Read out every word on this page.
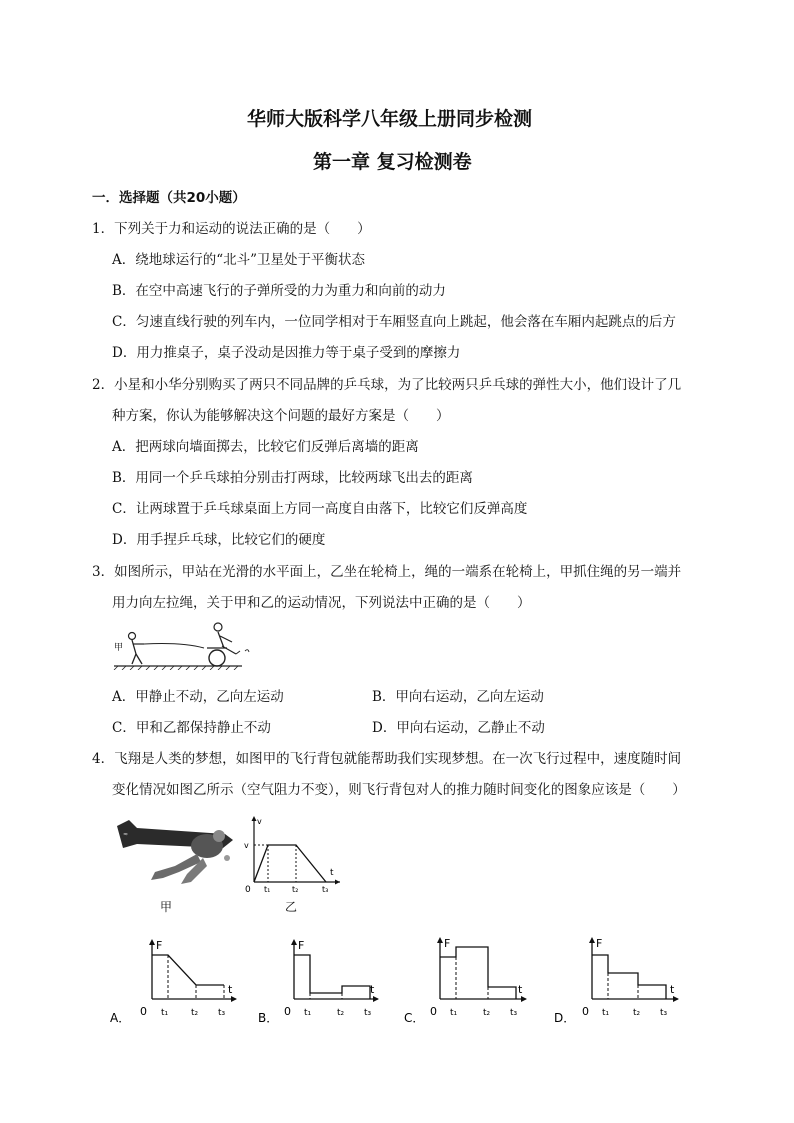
华师大版科学八年级上册同步检测
第一章 复习检测卷
一．选择题（共20小题）
1．下列关于力和运动的说法正确的是（　　）
A．绕地球运行的“北斗”卫星处于平衡状态
B．在空中高速飞行的子弹所受的力为重力和向前的动力
C．匀速直线行驶的列车内，一位同学相对于车厢竖直向上跳起，他会落在车厢内起跳点的后方
D．用力推桌子，桌子没动是因推力等于桌子受到的摩擦力
2．小星和小华分别购买了两只不同品牌的乒乓球，为了比较两只乒乓球的弹性大小，他们设计了几
种方案，你认为能够解决这个问题的最好方案是（　　）
A．把两球向墙面掷去，比较它们反弹后离墙的距离
B．用同一个乒乓球拍分别击打两球，比较两球飞出去的距离
C．让两球置于乒乓球桌面上方同一高度自由落下，比较它们反弹高度
D．用手捏乒乓球，比较它们的硬度
3．如图所示，甲站在光滑的水平面上，乙坐在轮椅上，绳的一端系在轮椅上，甲抓住绳的另一端并
用力向左拉绳，关于甲和乙的运动情况，下列说法中正确的是（　　）
甲
A．甲静止不动，乙向左运动	B．甲向右运动，乙向左运动
C．甲和乙都保持静止不动	D．甲向右运动，乙静止不动
4．飞翔是人类的梦想，如图甲的飞行背包就能帮助我们实现梦想。在一次飞行过程中，速度随时间
变化情况如图乙所示（空气阻力不变），则飞行背包对人的推力随时间变化的图象应该是（　　）
≈
甲
v
v
t
0 t₁	t₂	t₃
乙
A．
F
t
0 t₁	t₂ t₃	B．
F
t
0 t₁	t₂ t₃	C．
F
t
0 t₁	t₂ t₃	D．
F
t
0 t₁	t₂ t₃
